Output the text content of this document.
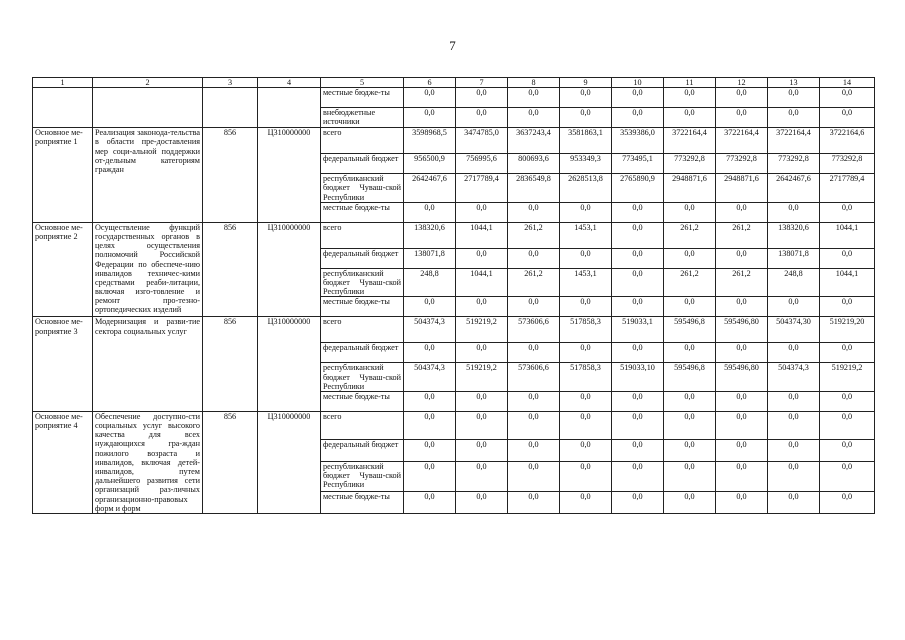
7
1	2	3	4	5	6	7	8	9	10	11	12	13	14
				местные бюдже-ты	0,0	0,0	0,0	0,0	0,0	0,0	0,0	0,0	0,0
				внебюджетные источники	0,0	0,0	0,0	0,0	0,0	0,0	0,0	0,0	0,0
Основное ме-роприятие 1	Реализация законода-тельства в области пре-доставления мер соци-альной поддержки от-дельным категориям граждан	856	Ц310000000	всего	3598968,5	3474785,0	3637243,4	3581863,1	3539386,0	3722164,4	3722164,4	3722164,4	3722164,6
				федеральный бюджет	956500,9	756995,6	800693,6	953349,3	773495,1	773292,8	773292,8	773292,8	773292,8
				республиканский бюджет Чуваш-ской Республики	2642467,6	2717789,4	2836549,8	2628513,8	2765890,9	2948871,6	2948871,6	2642467,6	2717789,4
				местные бюдже-ты	0,0	0,0	0,0	0,0	0,0	0,0	0,0	0,0	0,0
Основное ме-роприятие 2	Осуществление функций государственных органов в целях осуществления полномочий Российской Федерации по обеспече-нию инвалидов техничес-кими средствами реаби-литации, включая изго-товление и ремонт про-тезно-ортопедических изделий	856	Ц310000000	всего	138320,6	1044,1	261,2	1453,1	0,0	261,2	261,2	138320,6	1044,1
				федеральный бюджет	138071,8	0,0	0,0	0,0	0,0	0,0	0,0	138071,8	0,0
				республиканский бюджет Чуваш-ской Республики	248,8	1044,1	261,2	1453,1	0,0	261,2	261,2	248,8	1044,1
				местные бюдже-ты	0,0	0,0	0,0	0,0	0,0	0,0	0,0	0,0	0,0
Основное ме-роприятие 3	Модернизация и разви-тие сектора социальных услуг	856	Ц310000000	всего	504374,3	519219,2	573606,6	517858,3	519033,1	595496,8	595496,80	504374,30	519219,20
				федеральный бюджет	0,0	0,0	0,0	0,0	0,0	0,0	0,0	0,0	0,0
				республиканский бюджет Чуваш-ской Республики	504374,3	519219,2	573606,6	517858,3	519033,10	595496,8	595496,80	504374,3	519219,2
				местные бюдже-ты	0,0	0,0	0,0	0,0	0,0	0,0	0,0	0,0	0,0
Основное ме-роприятие 4	Обеспечение доступно-сти социальных услуг высокого качества для всех нуждающихся гра-ждан пожилого возраста и инвалидов, включая детей-инвалидов, путем дальнейшего развития сети организаций раз-личных организационно-правовых форм и форм	856	Ц310000000	всего	0,0	0,0	0,0	0,0	0,0	0,0	0,0	0,0	0,0
				федеральный бюджет	0,0	0,0	0,0	0,0	0,0	0,0	0,0	0,0	0,0
				республиканский бюджет Чуваш-ской Республики	0,0	0,0	0,0	0,0	0,0	0,0	0,0	0,0	0,0
				местные бюдже-ты	0,0	0,0	0,0	0,0	0,0	0,0	0,0	0,0	0,0
